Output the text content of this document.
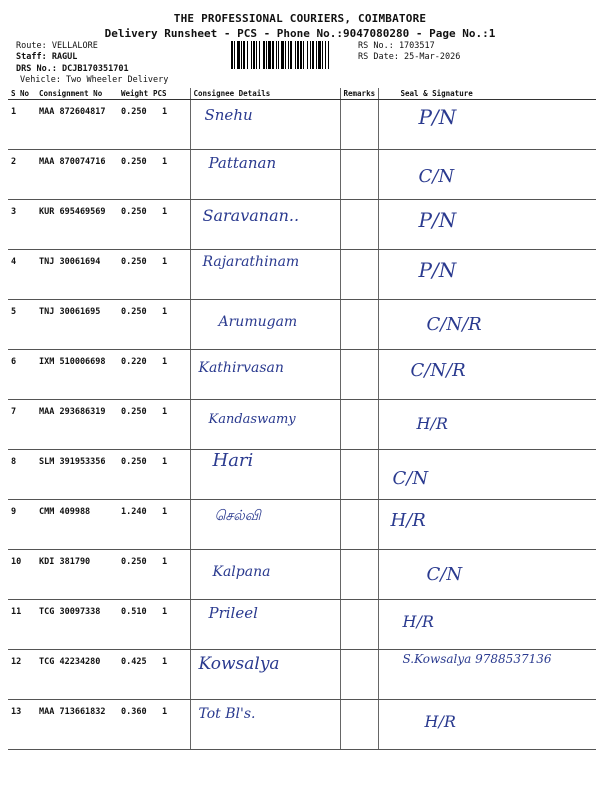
THE PROFESSIONAL COURIERS, COIMBATORE
Delivery Runsheet - PCS - Phone No.:9047080280 - Page No.:1
Route: VELLALORE
Staff: RAGUL
DRS No.: DCJB170351701
Vehicle: Two Wheeler Delivery
RS No.: 1703517
RS Date: 25-Mar-2026
S No	Consignment No	Weight	PCS	Consignee Details	Remarks	Seal & Signature
1	MAA 872604817	0.250	1	Snehu		P/N

2	MAA 870074716	0.250	1	Pattanan		C/N

3	KUR 695469569	0.250	1	Saravanan..		P/N

4	TNJ 30061694	0.250	1	Rajarathinam		P/N

5	TNJ 30061695	0.250	1	Arumugam		C/N/R

6	IXM 510006698	0.220	1	Kathirvasan		C/N/R

7	MAA 293686319	0.250	1	Kandaswamy		H/R

8	SLM 391953356	0.250	1	Hari		C/N

9	CMM 409988	1.240	1	செல்வி		H/R

10	KDI 381790	0.250	1	Kalpana		C/N

11	TCG 30097338	0.510	1	Prileel		H/R

12	TCG 42234280	0.425	1	Kowsalya		S.Kowsalya 9788537136

13	MAA 713661832	0.360	1	Tot Bl's.		H/R
